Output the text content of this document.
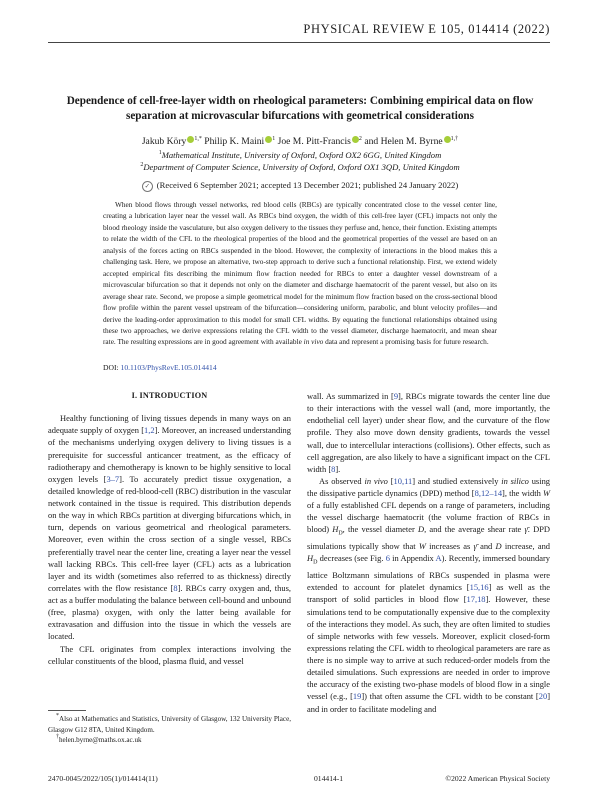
PHYSICAL REVIEW E 105, 014414 (2022)
Dependence of cell-free-layer width on rheological parameters: Combining empirical data on flow
separation at microvascular bifurcations with geometrical considerations
Jakub Köry $^{1,*}$ Philip K. Maini $^1$ Joe M. Pitt-Francis $^2$ and Helen M. Byrne $^{1,\dagger}$
$^1$Mathematical Institute, University of Oxford, Oxford OX2 6GG, United Kingdom
$^2$Department of Computer Science, University of Oxford, Oxford OX1 3QD, United Kingdom
✓ (Received 6 September 2021; accepted 13 December 2021; published 24 January 2022)

When blood flows through vessel networks, red blood cells (RBCs) are typically concentrated close to the vessel center line, creating a lubrication layer near the vessel wall. As RBCs bind oxygen, the width of this cell-free layer (CFL) impacts not only the blood rheology inside the vasculature, but also oxygen delivery to the tissues they perfuse and, hence, their function. Existing attempts to relate the width of the CFL to the rheological properties of the blood and the geometrical properties of the vessel are based on an analysis of the forces acting on RBCs suspended in the blood. However, the complexity of interactions in the blood makes this a challenging task. Here, we propose an alternative, two-step approach to derive such a functional relationship. First, we extend widely accepted empirical fits describing the minimum flow fraction needed for RBCs to enter a daughter vessel downstream of a microvascular bifurcation so that it depends not only on the diameter and discharge haematocrit of the parent vessel, but also on its average shear rate. Second, we propose a simple geometrical model for the minimum flow fraction based on the cross-sectional blood flow profile within the parent vessel upstream of the bifurcation—considering uniform, parabolic, and blunt velocity profiles—and derive the leading-order approximation to this model for small CFL widths. By equating the functional relationships obtained using these two approaches, we derive expressions relating the CFL width to the vessel diameter, discharge haematocrit, and mean shear rate. The resulting expressions are in good agreement with available in vivo data and represent a promising basis for future research.

DOI: 10.1103/PhysRevE.105.014414
I. INTRODUCTION

Healthy functioning of living tissues depends in many ways on an adequate supply of oxygen [1,2]. Moreover, an increased understanding of the mechanisms underlying oxygen delivery to living tissues is a prerequisite for successful anticancer treatment, as the efficacy of radiotherapy and chemotherapy is known to be highly sensitive to local oxygen levels [3–7]. To accurately predict tissue oxygenation, a detailed knowledge of red-blood-cell (RBC) distribution in the vascular network contained in the tissue is required. This distribution depends on the way in which RBCs partition at diverging bifurcations which, in turn, depends on various geometrical and rheological parameters. Moreover, even within the cross section of a single vessel, RBCs preferentially travel near the center line, creating a layer near the vessel wall lacking RBCs. This cell-free layer (CFL) acts as a lubrication layer and its width (sometimes also referred to as thickness) directly correlates with the flow resistance [8]. RBCs carry oxygen and, thus, act as a buffer modulating the balance between cell-bound and unbound (free, plasma) oxygen, with only the latter being available for extravasation and diffusion into the tissue in which the vessels are located.

The CFL originates from complex interactions involving the cellular constituents of the blood, plasma fluid, and vessel

wall. As summarized in [9], RBCs migrate towards the center line due to their interactions with the vessel wall (and, more importantly, the endothelial cell layer) under shear flow, and the curvature of the flow profile. They also move down density gradients, towards the vessel wall, due to intercellular interactions (collisions). Other effects, such as cell aggregation, are also likely to have a significant impact on the CFL width [8].

As observed in vivo [10,11] and studied extensively in silico using the dissipative particle dynamics (DPD) method [8,12–14], the width W of a fully established CFL depends on a range of parameters, including the vessel discharge haematocrit (the volume fraction of RBCs in blood) $H_D$, the vessel diameter D, and the average shear rate γ̄. DPD simulations typically show that W increases as γ̄ and D increase, and $H_D$ decreases (see Fig. 6 in Appendix A). Recently, immersed boundary lattice Boltzmann simulations of RBCs suspended in plasma were extended to account for platelet dynamics [15,16] as well as the transport of solid particles in blood flow [17,18]. However, these simulations tend to be computationally expensive due to the complexity of the interactions they model. As such, they are often limited to studies of simple networks with few vessels. Moreover, explicit closed-form expressions relating the CFL width to rheological parameters are rare as there is no simple way to arrive at such reduced-order models from the detailed simulations. Such expressions are needed in order to improve the accuracy of the existing two-phase models of blood flow in a single vessel (e.g., [19]) that often assume the CFL width to be constant [20] and in order to facilitate modeling and

*Also at Mathematics and Statistics, University of Glasgow, 132 University Place, Glasgow G12 8TA, United Kingdom.

†helen.byrne@maths.ox.ac.uk

2470-0045/2022/105(1)/014414(11)	014414-1	©2022 American Physical Society
